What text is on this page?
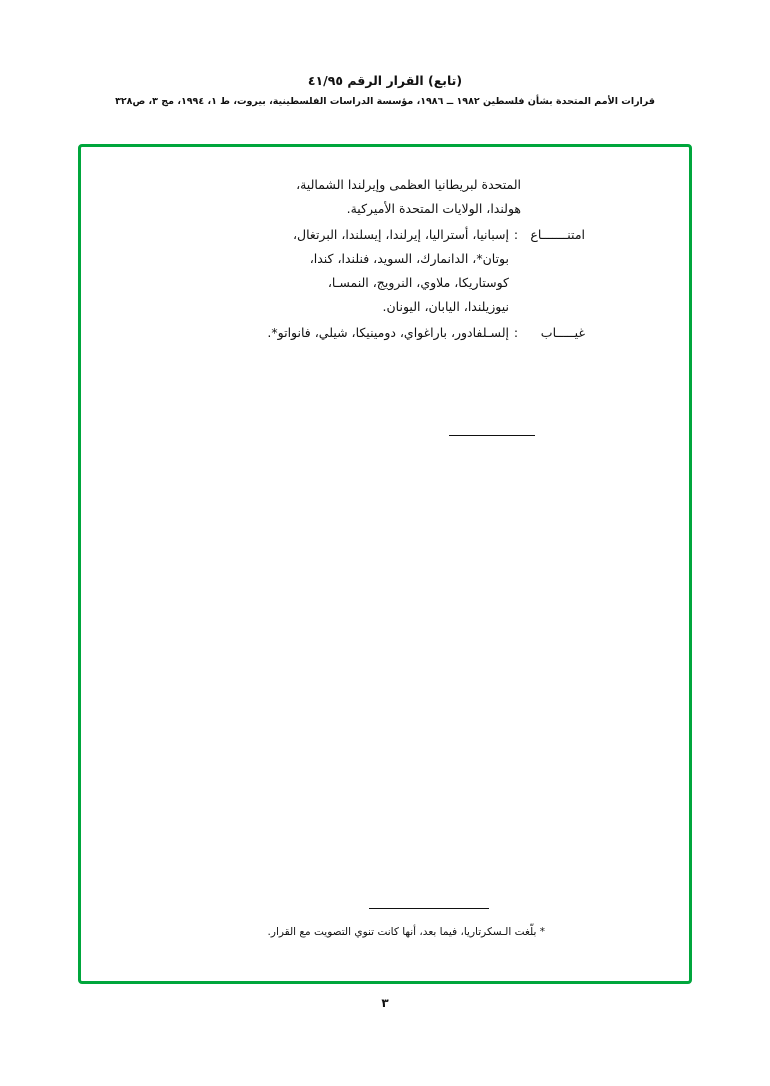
(تابع) القرار الرقم ٤١/٩٥
قرارات الأمم المتحدة بشأن فلسطين ١٩٨٢ ــ ١٩٨٦، مؤسسة الدراسات الفلسطينية، بيروت، ط ١، ١٩٩٤، مج ٣، ص٣٢٨
المتحدة لبريطانيا العظمى وإيرلندا الشمالية،
هولندا، الولايات المتحدة الأميركية.
امتنـــــــاع
:
إسبانيا، أستراليا، إيرلندا، إيسلندا، البرتغال،
بوتان*، الدانمارك، السويد، فنلندا، كندا،
كوستاريكا، ملاوي، النرويج، النمسـا،
نيوزيلندا، اليابان، اليونان.
غيـــــاب
:
إلسـلفادور، باراغواي، دومينيكا، شيلي، فانواتو*.
* بلّغت الـسكرتاريا، فيما بعد، أنها كانت تنوي التصويت مع القرار.
٣
